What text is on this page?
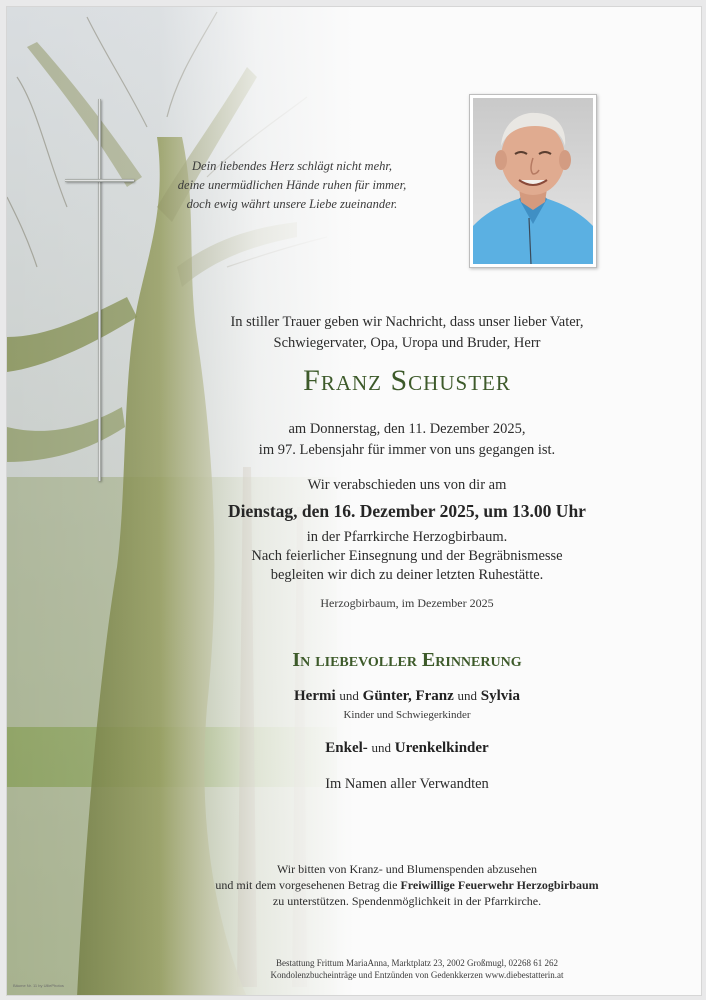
Dein liebendes Herz schlägt nicht mehr,
deine unermüdlichen Hände ruhen für immer,
doch ewig währt unsere Liebe zueinander.
In stiller Trauer geben wir Nachricht, dass unser lieber Vater,
Schwiegervater, Opa, Uropa und Bruder, Herr
Franz Schuster
am Donnerstag, den 11. Dezember 2025,
im 97. Lebensjahr für immer von uns gegangen ist.
Wir verabschieden uns von dir am
Dienstag, den 16. Dezember 2025, um 13.00 Uhr
in der Pfarrkirche Herzogbirbaum.
Nach feierlicher Einsegnung und der Begräbnismesse
begleiten wir dich zu deiner letzten Ruhestätte.
Herzogbirbaum, im Dezember 2025
In liebevoller Erinnerung
Hermi und Günter, Franz und Sylvia
Kinder und Schwiegerkinder
Enkel- und Urenkelkinder
Im Namen aller Verwandten
Wir bitten von Kranz- und Blumenspenden abzusehen
und mit dem vorgesehenen Betrag die Freiwillige Feuerwehr Herzogbirbaum
zu unterstützen. Spendenmöglichkeit in der Pfarrkirche.
Bestattung Frittum MariaAnna, Marktplatz 23, 2002 Großmugl, 02268 61 262
Kondolenzbucheinträge und Entzünden von Gedenkkerzen www.diebestatterin.at
Bäume Nr. 11 by UlliePhotos
